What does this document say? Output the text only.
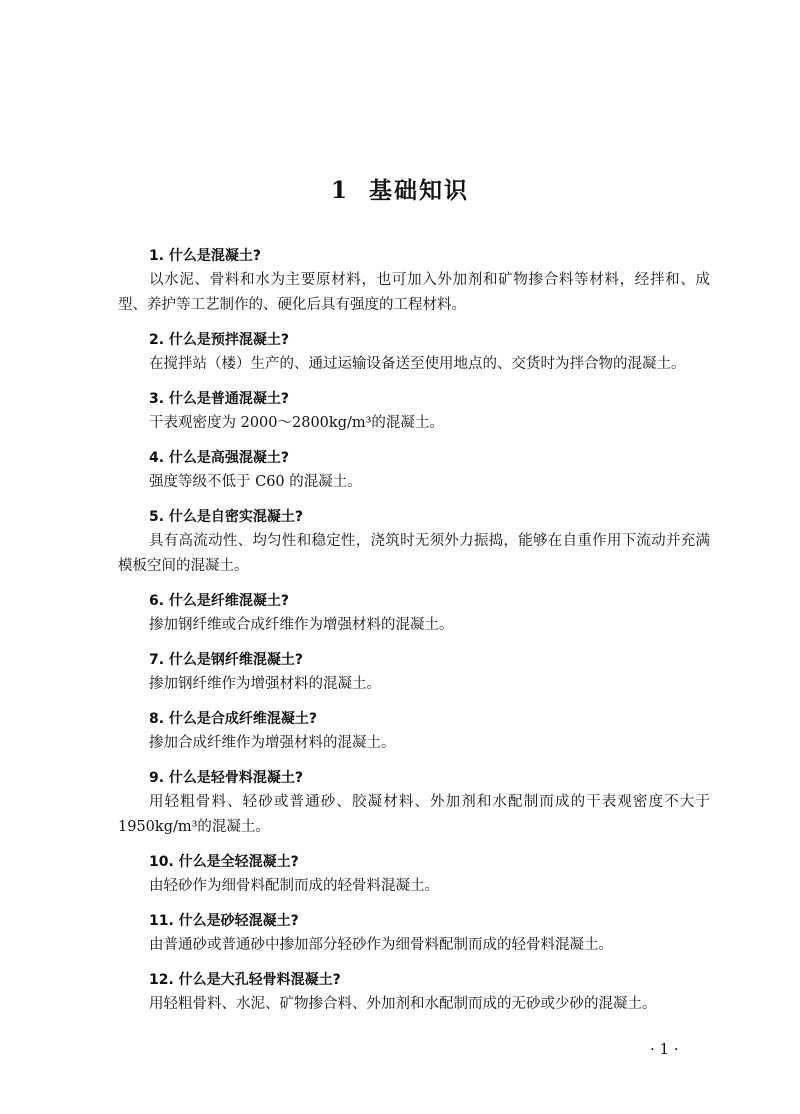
1 基础知识
1. 什么是混凝土?
以水泥、骨料和水为主要原材料，也可加入外加剂和矿物掺合料等材料，经拌和、成型、养护等工艺制作的、硬化后具有强度的工程材料。
2. 什么是预拌混凝土?
在搅拌站（楼）生产的、通过运输设备送至使用地点的、交货时为拌合物的混凝土。
3. 什么是普通混凝土?
干表观密度为 2000～2800kg/m³的混凝土。
4. 什么是高强混凝土?
强度等级不低于 C60 的混凝土。
5. 什么是自密实混凝土?
具有高流动性、均匀性和稳定性，浇筑时无须外力振捣，能够在自重作用下流动并充满模板空间的混凝土。
6. 什么是纤维混凝土?
掺加钢纤维或合成纤维作为增强材料的混凝土。
7. 什么是钢纤维混凝土?
掺加钢纤维作为增强材料的混凝土。
8. 什么是合成纤维混凝土?
掺加合成纤维作为增强材料的混凝土。
9. 什么是轻骨料混凝土?
用轻粗骨料、轻砂或普通砂、胶凝材料、外加剂和水配制而成的干表观密度不大于 1950kg/m³的混凝土。
10. 什么是全轻混凝土?
由轻砂作为细骨料配制而成的轻骨料混凝土。
11. 什么是砂轻混凝土?
由普通砂或普通砂中掺加部分轻砂作为细骨料配制而成的轻骨料混凝土。
12. 什么是大孔轻骨料混凝土?
用轻粗骨料、水泥、矿物掺合料、外加剂和水配制而成的无砂或少砂的混凝土。
· 1 ·
